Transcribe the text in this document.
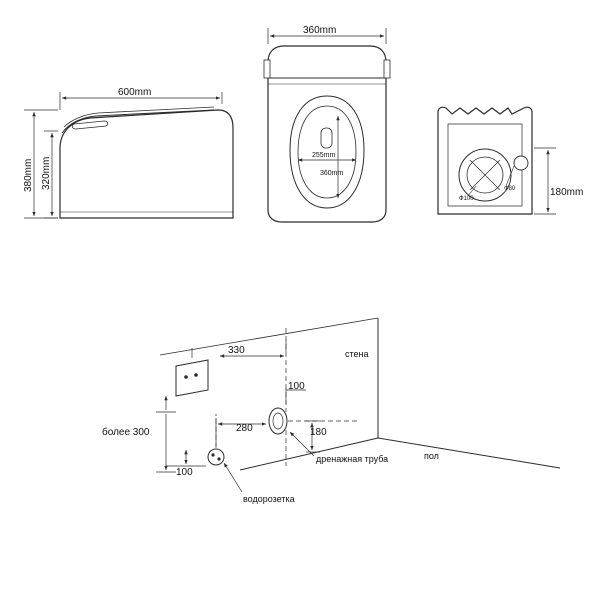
600mm
380mm 320mm
360mm
255mm
360mm
180mm
Ф100
Ф80
330
280	180
100
100
более 300
стена
пол
дренажная труба
водорозетка
